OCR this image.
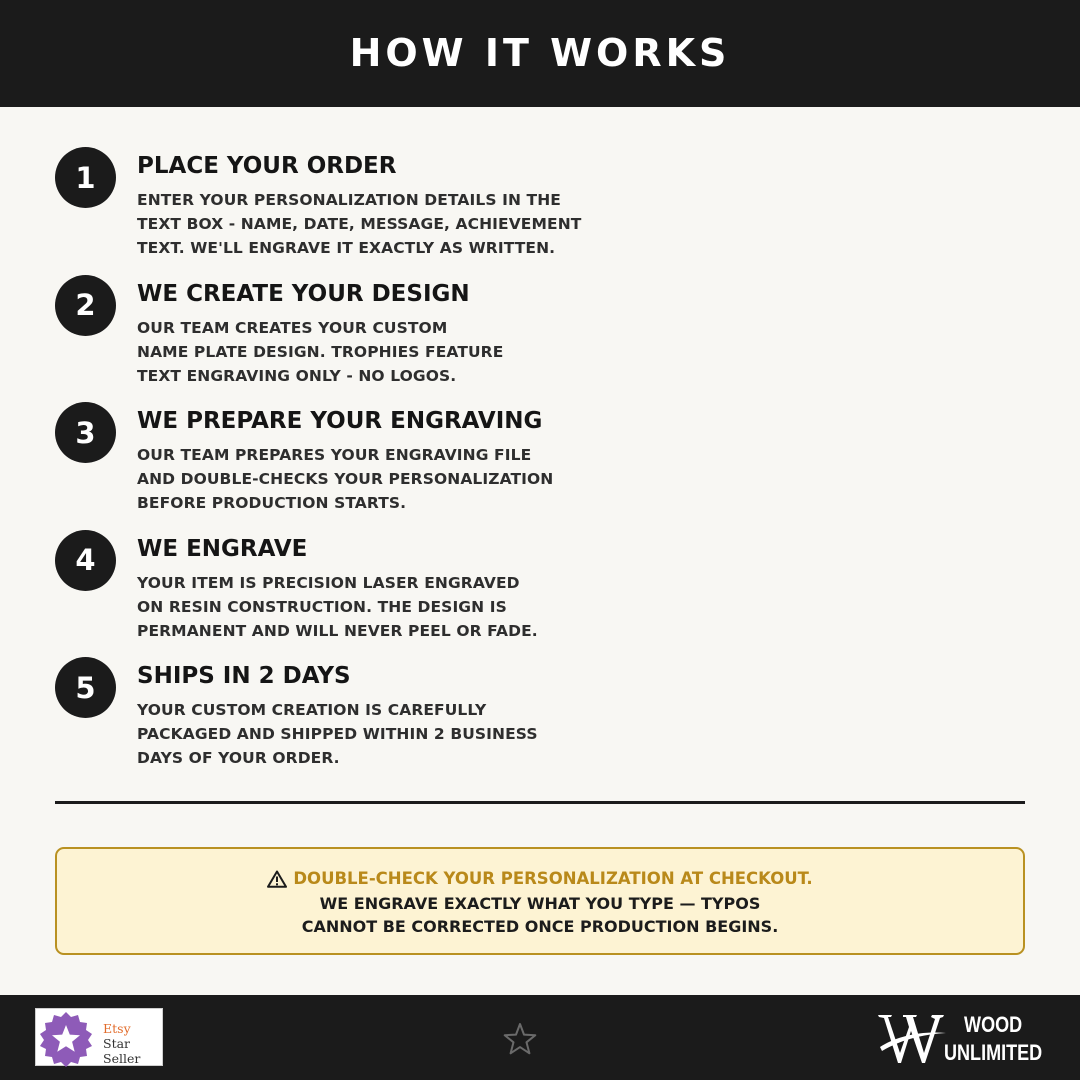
HOW IT WORKS
1	PLACE YOUR ORDER
ENTER YOUR PERSONALIZATION DETAILS IN THE
TEXT BOX - NAME, DATE, MESSAGE, ACHIEVEMENT
TEXT. WE'LL ENGRAVE IT EXACTLY AS WRITTEN.
2	WE CREATE YOUR DESIGN
OUR TEAM CREATES YOUR CUSTOM
NAME PLATE DESIGN. TROPHIES FEATURE
TEXT ENGRAVING ONLY - NO LOGOS.
3	WE PREPARE YOUR ENGRAVING
OUR TEAM PREPARES YOUR ENGRAVING FILE
AND DOUBLE-CHECKS YOUR PERSONALIZATION
BEFORE PRODUCTION STARTS.
4	WE ENGRAVE
YOUR ITEM IS PRECISION LASER ENGRAVED
ON RESIN CONSTRUCTION. THE DESIGN IS
PERMANENT AND WILL NEVER PEEL OR FADE.
5	SHIPS IN 2 DAYS
YOUR CUSTOM CREATION IS CAREFULLY
PACKAGED AND SHIPPED WITHIN 2 BUSINESS
DAYS OF YOUR ORDER.
DOUBLE-CHECK YOUR PERSONALIZATION AT CHECKOUT.
WE ENGRAVE EXACTLY WHAT YOU TYPE — TYPOS
CANNOT BE CORRECTED ONCE PRODUCTION BEGINS.
Etsy
Star Seller
WOOD
UNLIMITED
